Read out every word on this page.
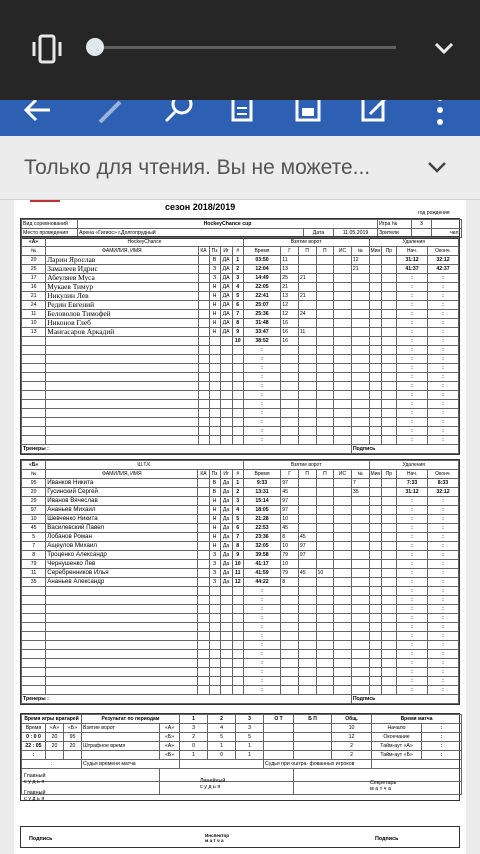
Только для чтения. Вы не можете...
сезон 2018/2019
год рождения
Вид соревнований	HockeyChance cup			Игра №	3	
Место проведения	Арена «Гигиос» г.Долгопрудный	Дата	11.05.2019	Зрители		чел.
«А»	HockeyChance					Взятие ворот						Удаления			
№	ФАМИЛИЯ, ИМЯ	КА	Пз	Иг	#	Время	Г	П	П	ИС	№	Мин	Пр	Нач.	Оконч.
20	Ларин Ярослав		В	ДА	1	03:50	11				12			31:12	32:12
25	Замалеев Идрис		З	ДА	2	12:04	13				21			41:37	42:37
17	Абеуляев Муса		З	ДА	3	14:49	25	21						:	:
16	Мукаев Тимур		Н	ДА	4	22:05	21							:	:
21	Никулин Лев		Н	ДА	5	22:41	13	21						:	:
24	Редин Евгений		Н	ДА	6	25:07	12							:	:
11	Беловолов Тимофей		Н	ДА	7	25:36	12	24						:	:
10	Никонов Глеб		Н	ДА	8	31:48	16							:	:
13	Мангасаров Аркадий		Н	ДА	9	33:47	16	11						:	:
					10	38:52	16							:	:
						:								:	:
						:								:	:
						:								:	:
						:								:	:
						:								:	:
						:								:	:
						:								:	:
						:								:	:
						:								:	:
						:								:	:
						:								:	:
Тренеры :											Подпись				
«Б»	Ш.Т.К.					Взятие ворот						Удаления			
№	ФАМИЛИЯ, ИМЯ	КА	Пз	Иг	#	Время	Г	П	П	ИС	№	Мин	Пр	Нач.	Оконч.
95	Иванков Никита		В	Да	1	9:33	97				7			7:33	8:33
20	Гусинский Сергей		В	Да	2	13:31	45				35			31:12	32:12
29	Иванов Вячеслав		Н	Да	3	15:14	97							:	:
97	Ананьев Михаил		Н	Да	4	18:05	97							:	:
10	Шевченко Никита		Н	Да	5	21:28	10							:	:
45	Василевский Павел		Н	Да	6	22:53	45							:	:
5	Лобанов Роман		Н	Да	7	23:36	8	45						:	:
7	Ащеулов Михаил		Н	Да	8	32:05	10	97						:	:
8	Троценко Александр		З	Да	9	39:58	79	97						:	:
79	Чернушенко Лев		З	Да	10	41:17	10							:	:
11	Серебренников Илья		З	Да	11	41:59	79	45	10					:	:
35	Ананьев Александр		З	Да	12	44:22	8							:	:
						:								:	:
						:								:	:
						:								:	:
						:								:	:
						:								:	:
						:								:	:
						:								:	:
						:								:	:
						:								:	:
						:								:	:
						:								:	:
						:								:	:
Тренеры :											Подпись				
Время игры вратарей			Результат по периодам		1	2	3	О Т	Б П	Общ.	Время матча	
Время	«А»	«Б»	Взятие ворот	«А»	3	4	3			10	Начало	:
0 : 0 0	20	95		«Б»	2	5	5			12	Окончание	:
22 : 05	20	20	Штрафное время	«А»	0	1	1			2	Тайм-аут «А»	:
:				«Б»	1	0	1			2	Тайм-аут «Б»	:
:			Судья времени матча					Судья при оштра- фованных игроков				

Главный
с у д ь я
Главный
с у д ь я
Линейный
с у д ь я
Секретарь
м а т ч а
Подпись
Инспектор
м а т ч а	Подпись
